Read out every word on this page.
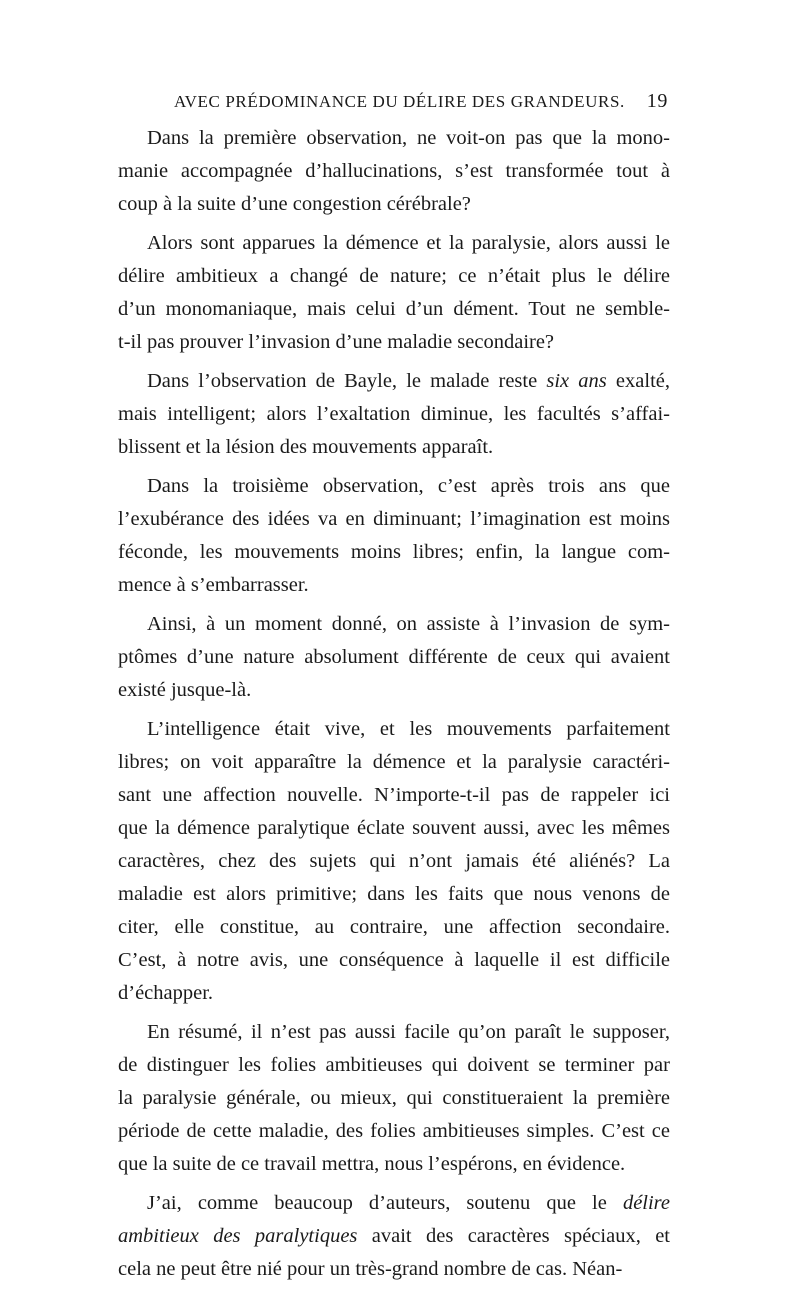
AVEC PRÉDOMINANCE DU DÉLIRE DES GRANDEURS. 19
Dans la première observation, ne voit-on pas que la mono-
manie accompagnée d’hallucinations, s’est transformée tout à
coup à la suite d’une congestion cérébrale?
Alors sont apparues la démence et la paralysie, alors aussi le
délire ambitieux a changé de nature; ce n’était plus le délire
d’un monomaniaque, mais celui d’un dément. Tout ne semble-
t-il pas prouver l’invasion d’une maladie secondaire?
Dans l’observation de Bayle, le malade reste six ans exalté,
mais intelligent; alors l’exaltation diminue, les facultés s’affai-
blissent et la lésion des mouvements apparaît.
Dans la troisième observation, c’est après trois ans que
l’exubérance des idées va en diminuant; l’imagination est moins
féconde, les mouvements moins libres; enfin, la langue com-
mence à s’embarrasser.
Ainsi, à un moment donné, on assiste à l’invasion de sym-
ptômes d’une nature absolument différente de ceux qui avaient
existé jusque-là.
L’intelligence était vive, et les mouvements parfaitement
libres; on voit apparaître la démence et la paralysie caractéri-
sant une affection nouvelle. N’importe-t-il pas de rappeler ici
que la démence paralytique éclate souvent aussi, avec les mêmes
caractères, chez des sujets qui n’ont jamais été aliénés? La
maladie est alors primitive; dans les faits que nous venons de
citer, elle constitue, au contraire, une affection secondaire.
C’est, à notre avis, une conséquence à laquelle il est difficile
d’échapper.
En résumé, il n’est pas aussi facile qu’on paraît le supposer,
de distinguer les folies ambitieuses qui doivent se terminer par
la paralysie générale, ou mieux, qui constitueraient la première
période de cette maladie, des folies ambitieuses simples. C’est ce
que la suite de ce travail mettra, nous l’espérons, en évidence.
J’ai, comme beaucoup d’auteurs, soutenu que le délire
ambitieux des paralytiques avait des caractères spéciaux, et
cela ne peut être nié pour un très-grand nombre de cas. Néan-
